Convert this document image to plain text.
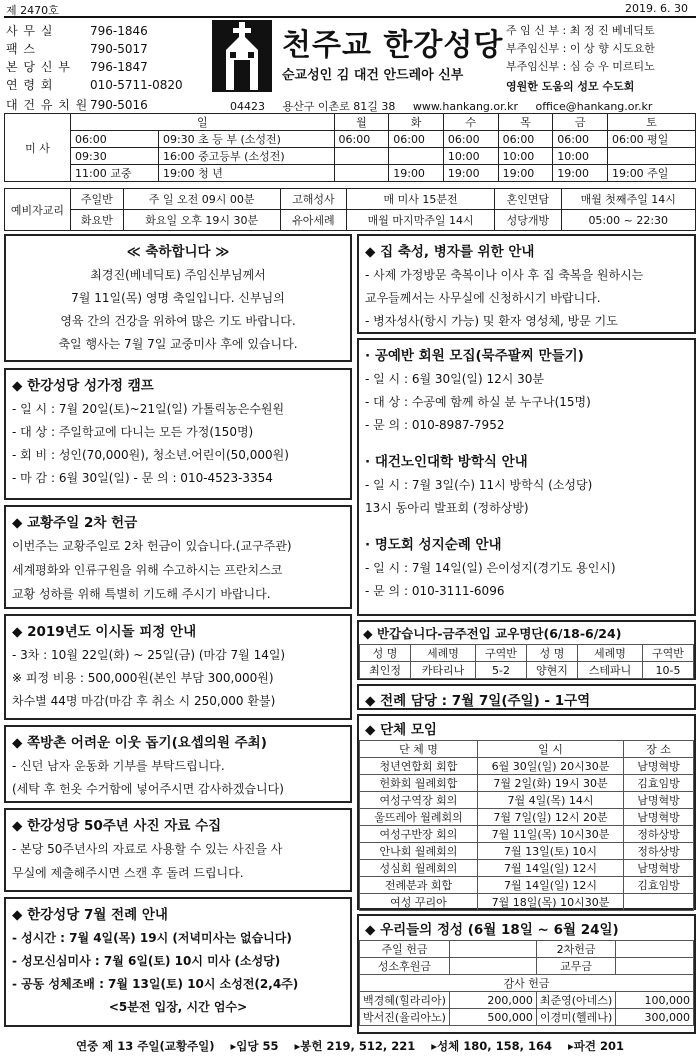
제 2470호	2019. 6. 30
사 무 실	796-1846
팩 스	790-5017
본 당 신 부 796-1847
연 령 회	010-5711-0820
대 건 유 치 원 790-5016
천주교 한강성당
순교성인 김 대건 안드레아 신부
주 임 신 부 : 최 정 진 베네딕토
부주임신부 : 이 상 향 시도요한
부주임신부 : 심 승 우 미르티노
영원한 도움의 성모 수도회
04423 용산구 이촌로 81길 38 www.hankang.or.kr office@hankang.or.kr
미 사	일		월	화	수	목	금	토
	06:00	09:30 초 등 부 (소성전)	06:00	06:00	06:00	06:00	06:00	06:00 평일
	09:30	16:00 중고등부 (소성전)			10:00	10:00	10:00	
	11:00 교중	19:00 청 년		19:00	19:00	19:00	19:00	19:00 주일
예비자교리	주일반	주 일 오전 09시 00분	고해성사	매 미사 15분전	혼인면담	매월 첫째주일 14시
	화요반	화요일 오후 19시 30분	유아세례	매월 마지막주일 14시	성당개방	05:00 ~ 22:30
≪ 축하합니다 ≫
최경진(베네딕토) 주임신부님께서
7월 11일(목) 영명 축일입니다. 신부님의
영육 간의 건강을 위하여 많은 기도 바랍니다.
축일 행사는 7월 7일 교중미사 후에 있습니다.
◆ 한강성당 성가정 캠프
- 일 시 : 7월 20일(토)~21일(일) 가톨릭농은수원원
- 대 상 : 주일학교에 다니는 모든 가정(150명)
- 회 비 : 성인(70,000원), 청소년.어린이(50,000원)
- 마 감 : 6월 30일(일) - 문 의 : 010-4523-3354
◆ 교황주일 2차 헌금
이번주는 교황주일로 2차 헌금이 있습니다.(교구주관)
세계평화와 인류구원을 위해 수고하시는 프란치스코
교황 성하를 위해 특별히 기도해 주시기 바랍니다.
◆ 2019년도 이시돌 피정 안내
- 3차 : 10월 22일(화) ~ 25일(금) (마감 7월 14일)
※ 피정 비용 : 500,000원(본인 부담 300,000원)
차수별 44명 마감(마감 후 취소 시 250,000 환불)
◆ 쪽방촌 어려운 이웃 돕기(요셉의원 주최)
- 신던 남자 운동화 기부를 부탁드립니다.
(세탁 후 헌옷 수거함에 넣어주시면 감사하겠습니다)
◆ 한강성당 50주년 사진 자료 수집
- 본당 50주년사의 자료로 사용할 수 있는 사진을 사
무실에 제출해주시면 스캔 후 돌려 드립니다.
◆ 한강성당 7월 전례 안내
- 성시간 : 7월 4일(목) 19시 (저녁미사는 없습니다)
- 성모신심미사 : 7월 6일(토) 10시 미사 (소성당)
- 공동 성체조배 : 7월 13일(토) 10시 소성전(2,4주)
<5분전 입장, 시간 엄수>
◆ 집 축성, 병자를 위한 안내
- 사제 가정방문 축복이나 이사 후 집 축복을 원하시는
교우들께서는 사무실에 신청하시기 바랍니다.
- 병자성사(항시 가능) 및 환자 영성체, 방문 기도
· 공예반 회원 모집(묵주팔찌 만들기)
- 일 시 : 6월 30일(일) 12시 30분
- 대 상 : 수공예 함께 하실 분 누구나(15명)
- 문 의 : 010-8987-7952
· 대건노인대학 방학식 안내
- 일 시 : 7월 3일(수) 11시 방학식 (소성당)
13시 동아리 발표회 (정하상방)
· 명도회 성지순례 안내
- 일 시 : 7월 14일(일) 은이성지(경기도 용인시)
- 문 의 : 010-3111-6096
◆ 반갑습니다-금주전입 교우명단(6/18-6/24)
성 명	세례명	구역반	성 명	세례명	구역반
최인정	카타리나	5-2	양현지	스테파니	10-5
◆ 전례 담당 : 7월 7일(주일) - 1구역
◆ 단체 모임
단 체 명	일 시	장 소
청년연합회 회합	6월 30일(일) 20시30분	남명혁방
헌화회 월례회합	7월 2일(화) 19시 30분	김효임방
여성구역장 회의	7월 4일(목) 14시	남명혁방
울뜨레아 월례회의	7월 7일(일) 12시 20분	남명혁방
여성구반장 회의	7월 11일(목) 10시30분	정하상방
안나회 월례회의	7월 13일(토) 10시	정하상방
성심회 월례회의	7월 14일(일) 12시	남명혁방
전례분과 회합	7월 14일(일) 12시	김효임방
여성 꾸리아	7월 18일(목) 10시30분	
◆ 우리들의 정성 (6월 18일 ~ 6월 24일)
주일 헌금		2차헌금	
성소후원금		교무금	
감사 헌금			
백경혜(힐라리아)	200,000	최준영(아네스)	100,000
박서진(율리아노)	500,000	이경미(헬레나)	300,000
연중 제 13 주일(교황주일) ▸입당 55 ▸봉헌 219, 512, 221 ▸성체 180, 158, 164 ▸파견 201
